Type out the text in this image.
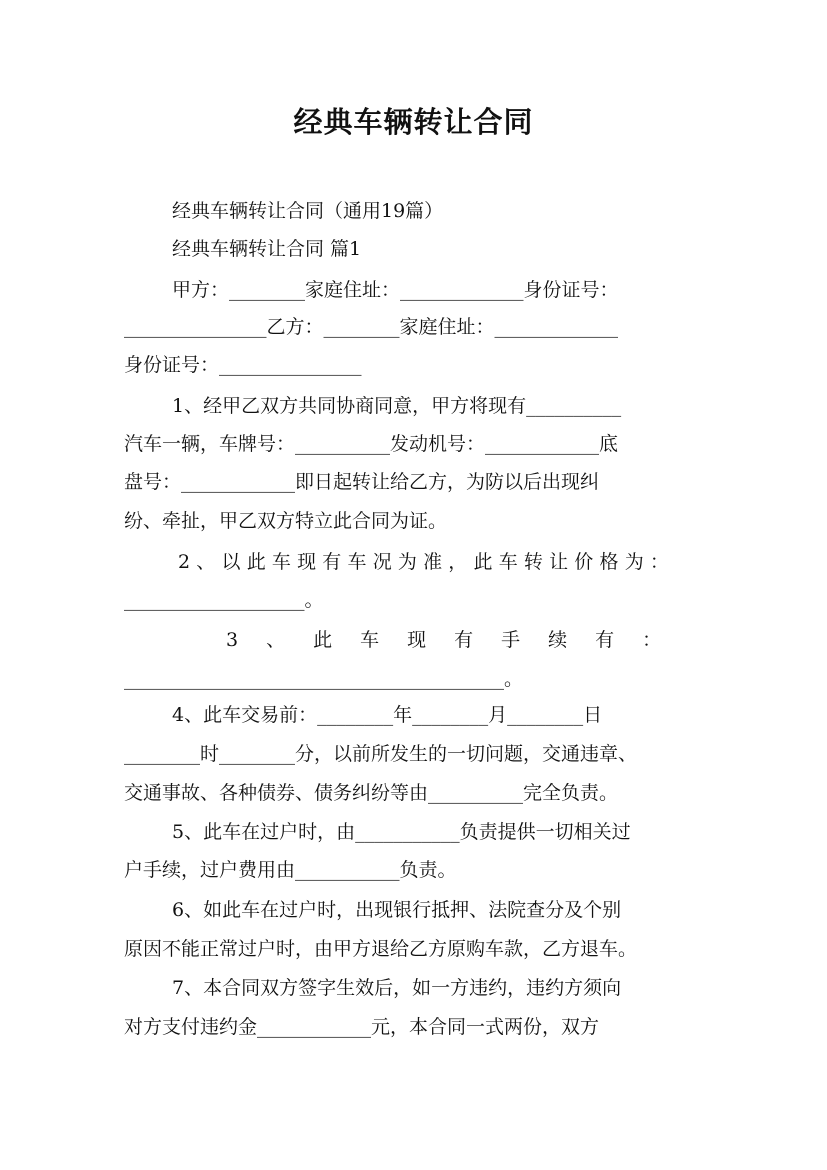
经典车辆转让合同
经典车辆转让合同（通用19篇）
经典车辆转让合同 篇1
甲方：________家庭住址：_____________身份证号：
_______________乙方：________家庭住址：_____________
身份证号：_______________
1、经甲乙双方共同协商同意，甲方将现有__________
汽车一辆，车牌号：__________发动机号：____________底
盘号：____________即日起转让给乙方，为防以后出现纠
纷、牵扯，甲乙双方特立此合同为证。
2、以此车现有车况为准，此车转让价格为：
___________________。
3、此车现有手续有：
________________________________________。
4、此车交易前：________年________月________日
________时________分，以前所发生的一切问题，交通违章、
交通事故、各种债券、债务纠纷等由__________完全负责。
5、此车在过户时，由___________负责提供一切相关过
户手续，过户费用由___________负责。
6、如此车在过户时，出现银行抵押、法院查分及个别
原因不能正常过户时，由甲方退给乙方原购车款，乙方退车。
7、本合同双方签字生效后，如一方违约，违约方须向
对方支付违约金____________元，本合同一式两份，双方
